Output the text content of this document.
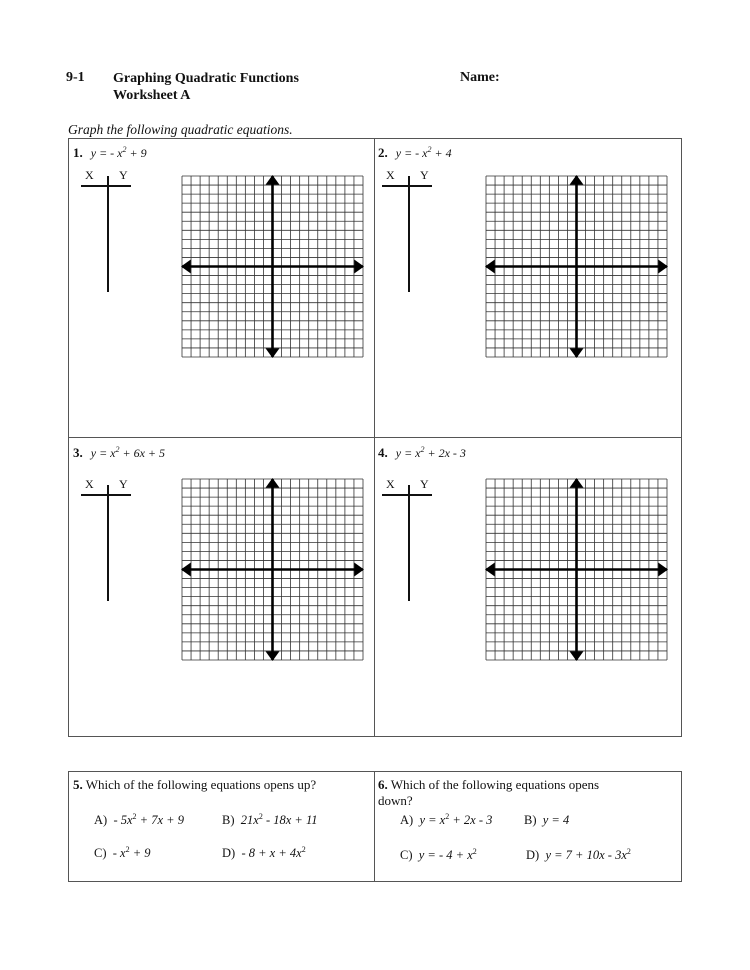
9-1 Graphing Quadratic Functions
Worksheet A
Name:
Graph the following quadratic equations.
1. y = - $x^2 + 9$
X Y
2. y = - $x^2 + 4$
X Y
3. $y = x^2 + 6x + 5$
X Y
4. $y = x^2 + 2x - 3$
X Y
5. Which of the following equations opens up?
$A) - 5x^2 + 7x + 9$	B) $21x^2 - 18x + 11$
$C) - x^2 + 9$	$D) - 8 + x + 4x^2$
6. Which of the following equations opens
down?
A) $y = x^2 + 2x - 3$	B) y = 4
C) y = - $4 + x^2$	D) $y = 7 + 10x - 3x^2$
